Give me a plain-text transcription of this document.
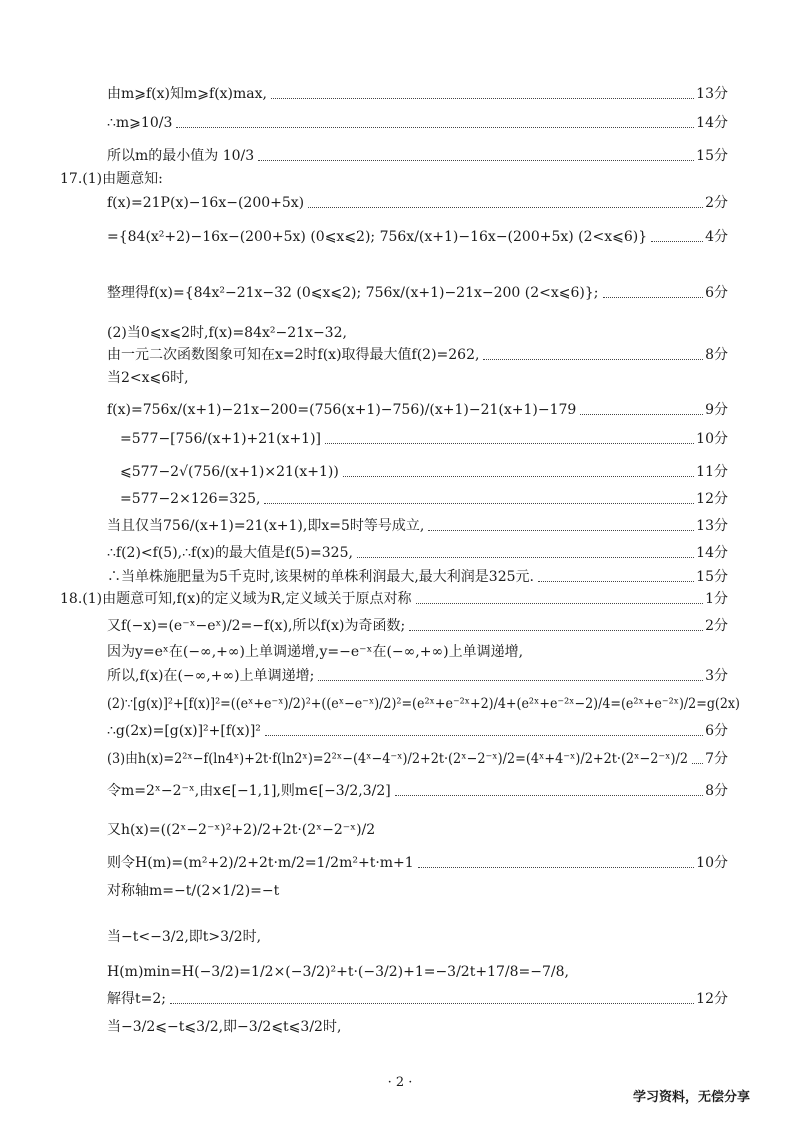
由m⩾f(x)知m⩾f(x)max,	13分
∴m⩾10/3	14分
所以m的最小值为 10/3	15分
17.(1)由题意知:
f(x)=21P(x)−16x−(200+5x)	2分
={84(x²+2)−16x−(200+5x) (0⩽x⩽2); 756x/(x+1)−16x−(200+5x) (2<x⩽6)}	4分
整理得f(x)={84x²−21x−32 (0⩽x⩽2); 756x/(x+1)−21x−200 (2<x⩽6)};	6分
(2)当0⩽x⩽2时,f(x)=84x²−21x−32,
由一元二次函数图象可知在x=2时f(x)取得最大值f(2)=262,	8分
当2<x⩽6时,
f(x)=756x/(x+1)−21x−200=(756(x+1)−756)/(x+1)−21(x+1)−179	9分
=577−[756/(x+1)+21(x+1)]	10分
⩽577−2√(756/(x+1)×21(x+1))	11分
=577−2×126=325,	12分
当且仅当756/(x+1)=21(x+1),即x=5时等号成立,	13分
∴f(2)<f(5),∴f(x)的最大值是f(5)=325,	14分
∴当单株施肥量为5千克时,该果树的单株利润最大,最大利润是325元.	15分
18.(1)由题意可知,f(x)的定义域为R,定义域关于原点对称	1分
又f(−x)=(e⁻ˣ−eˣ)/2=−f(x),所以f(x)为奇函数;	2分
因为y=eˣ在(−∞,+∞)上单调递增,y=−e⁻ˣ在(−∞,+∞)上单调递增,
所以,f(x)在(−∞,+∞)上单调递增;	3分
(2)∵[g(x)]²+[f(x)]²=((eˣ+e⁻ˣ)/2)²+((eˣ−e⁻ˣ)/2)²=(e²ˣ+e⁻²ˣ+2)/4+(e²ˣ+e⁻²ˣ−2)/4=(e²ˣ+e⁻²ˣ)/2=g(2x)
∴g(2x)=[g(x)]²+[f(x)]²	6分
(3)由h(x)=2²ˣ−f(ln4ˣ)+2t·f(ln2ˣ)=2²ˣ−(4ˣ−4⁻ˣ)/2+2t·(2ˣ−2⁻ˣ)/2=(4ˣ+4⁻ˣ)/2+2t·(2ˣ−2⁻ˣ)/2 7分
令m=2ˣ−2⁻ˣ,由x∈[−1,1],则m∈[−3/2,3/2]	8分
又h(x)=((2ˣ−2⁻ˣ)²+2)/2+2t·(2ˣ−2⁻ˣ)/2
则令H(m)=(m²+2)/2+2t·m/2=1/2m²+t·m+1	10分
对称轴m=−t/(2×1/2)=−t
当−t<−3/2,即t>3/2时,
H(m)min=H(−3/2)=1/2×(−3/2)²+t·(−3/2)+1=−3/2t+17/8=−7/8,
解得t=2;	12分
当−3/2⩽−t⩽3/2,即−3/2⩽t⩽3/2时,
· 2 ·
学习资料，无偿分享
